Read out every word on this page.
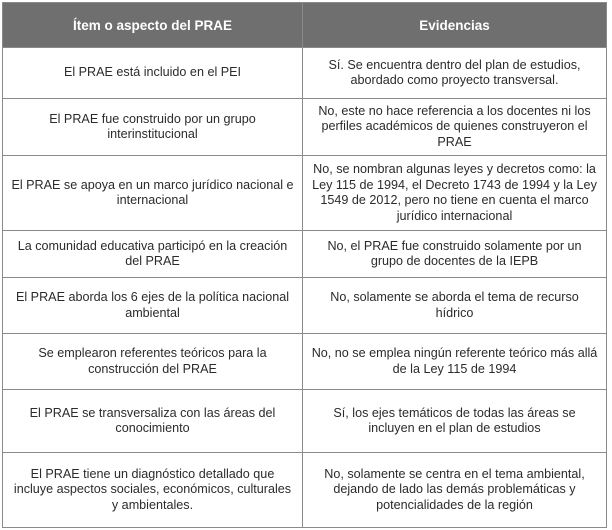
Ítem o aspecto del PRAE	Evidencias
El PRAE está incluido en el PEI	Sí. Se encuentra dentro del plan de estudios, abordado como proyecto transversal.
El PRAE fue construido por un grupo interinstitucional	No, este no hace referencia a los docentes ni los perfiles académicos de quienes construyeron el PRAE
El PRAE se apoya en un marco jurídico nacional e internacional	No, se nombran algunas leyes y decretos como: la Ley 115 de 1994, el Decreto 1743 de 1994 y la Ley 1549 de 2012, pero no tiene en cuenta el marco jurídico internacional
La comunidad educativa participó en la creación del PRAE	No, el PRAE fue construido solamente por un grupo de docentes de la IEPB
El PRAE aborda los 6 ejes de la política nacional ambiental	No, solamente se aborda el tema de recurso hídrico
Se emplearon referentes teóricos para la construcción del PRAE	No, no se emplea ningún referente teórico más allá de la Ley 115 de 1994
El PRAE se transversaliza con las áreas del conocimiento	Sí, los ejes temáticos de todas las áreas se incluyen en el plan de estudios
El PRAE tiene un diagnóstico detallado que incluye aspectos sociales, económicos, culturales y ambientales.	No, solamente se centra en el tema ambiental, dejando de lado las demás problemáticas y potencialidades de la región
